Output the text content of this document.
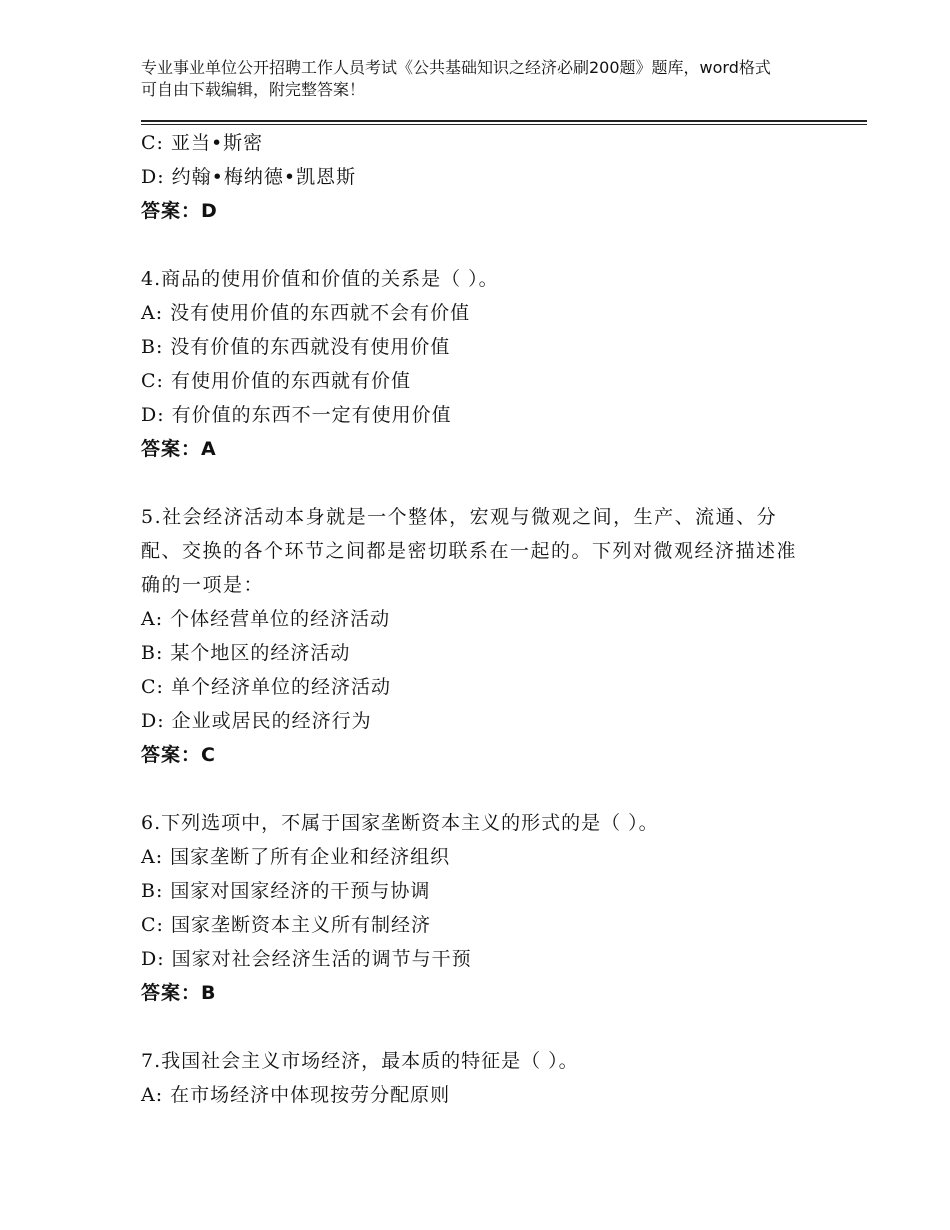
专业事业单位公开招聘工作人员考试《公共基础知识之经济必刷200题》题库，word格式可自由下载编辑，附完整答案！
C: 亚当•斯密
D: 约翰•梅纳德•凯恩斯
答案：D
4.商品的使用价值和价值的关系是（ ）。
A: 没有使用价值的东西就不会有价值
B: 没有价值的东西就没有使用价值
C: 有使用价值的东西就有价值
D: 有价值的东西不一定有使用价值
答案：A
5.社会经济活动本身就是一个整体，宏观与微观之间，生产、流通、分配、交换的各个环节之间都是密切联系在一起的。下列对微观经济描述准确的一项是：
A: 个体经营单位的经济活动
B: 某个地区的经济活动
C: 单个经济单位的经济活动
D: 企业或居民的经济行为
答案：C
6.下列选项中，不属于国家垄断资本主义的形式的是（ ）。
A: 国家垄断了所有企业和经济组织
B: 国家对国家经济的干预与协调
C: 国家垄断资本主义所有制经济
D: 国家对社会经济生活的调节与干预
答案：B
7.我国社会主义市场经济，最本质的特征是（ ）。
A: 在市场经济中体现按劳分配原则
